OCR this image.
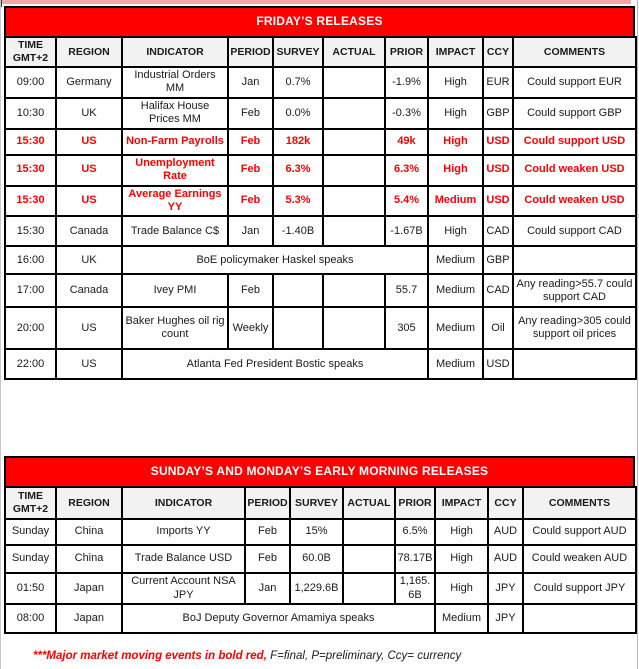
FRIDAY’S RELEASES
TIME GMT+2	REGION	INDICATOR	PERIOD	SURVEY	ACTUAL	PRIOR	IMPACT	CCY	COMMENTS
09:00	Germany	Industrial Orders MM	Jan	0.7%		-1.9%	High	EUR	Could support EUR
10:30	UK	Halifax House Prices MM	Feb	0.0%		-0.3%	High	GBP	Could support GBP
15:30	US	Non-Farm Payrolls	Feb	182k		49k	High	USD	Could support USD
15:30	US	Unemployment Rate	Feb	6.3%		6.3%	High	USD	Could weaken USD
15:30	US	Average Earnings YY	Feb	5.3%		5.4%	Medium	USD	Could weaken USD
15:30	Canada	Trade Balance C$	Jan	-1.40B		-1.67B	High	CAD	Could support CAD
16:00	UK	BoE policymaker Haskel speaks					Medium	GBP	
17:00	Canada	Ivey PMI	Feb			55.7	Medium	CAD	Any reading>55.7 could support CAD
20:00	US	Baker Hughes oil rig count	Weekly			305	Medium	Oil	Any reading>305 could support oil prices
22:00	US	Atlanta Fed President Bostic speaks					Medium	USD	
SUNDAY’S AND MONDAY’S EARLY MORNING RELEASES
TIME GMT+2	REGION	INDICATOR	PERIOD	SURVEY	ACTUAL	PRIOR	IMPACT	CCY	COMMENTS
Sunday	China	Imports YY	Feb	15%		6.5%	High	AUD	Could support AUD
Sunday	China	Trade Balance USD	Feb	60.0B		78.17B	High	AUD	Could weaken AUD
01:50	Japan	Current Account NSA JPY	Jan	1,229.6B		1,165.6B	High	JPY	Could support JPY
08:00	Japan	BoJ Deputy Governor Amamiya speaks					Medium	JPY	
***Major market moving events in bold red, F=final, P=preliminary, Ccy= currency
